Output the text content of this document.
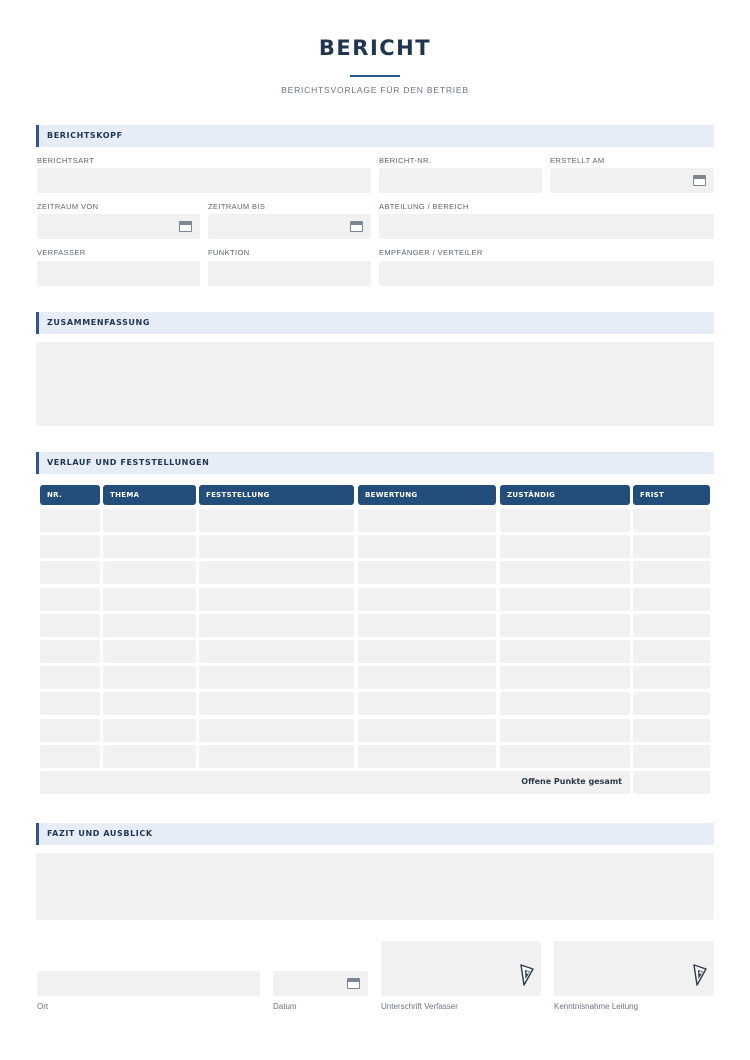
BERICHT
BERICHTSVORLAGE FÜR DEN BETRIEB
BERICHTSKOPF
BERICHTSART	BERICHT-NR.	ERSTELLT AM
ZEITRAUM VON	ZEITRAUM BIS	ABTEILUNG / BEREICH
VERFASSER	FUNKTION	EMPFÄNGER / VERTEILER
ZUSAMMENFASSUNG
VERLAUF UND FESTSTELLUNGEN
NR.	THEMA	FESTSTELLUNG	BEWERTUNG	ZUSTÄNDIG	FRIST
Offene Punkte gesamt
FAZIT UND AUSBLICK
Ort	Datum	Unterschrift Verfasser	Kenntnisnahme Leitung
